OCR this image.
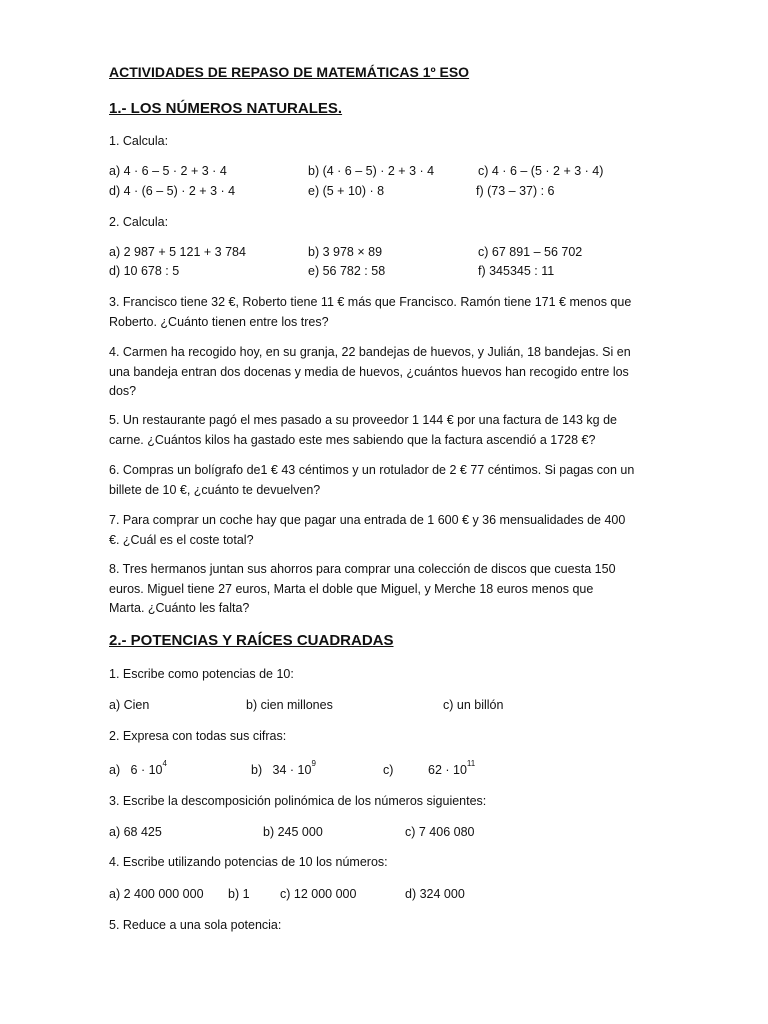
ACTIVIDADES DE REPASO DE MATEMÁTICAS 1º ESO
1.- LOS NÚMEROS NATURALES.
1. Calcula:
a) 4 · 6 – 5 · 2 + 3 · 4	b) (4 · 6 – 5) · 2 + 3 · 4	c) 4 · 6 – (5 · 2 + 3 · 4)
d) 4 · (6 – 5) · 2 + 3 · 4	e) (5 + 10) · 8	f) (73 – 37) : 6
2. Calcula:
a) 2 987 + 5 121 + 3 784	b) 3 978 × 89	c) 67 891 – 56 702
d) 10 678 : 5	e) 56 782 : 58	f) 345345 : 11
3. Francisco tiene 32 €, Roberto tiene 11 € más que Francisco. Ramón tiene 171 € menos que
Roberto. ¿Cuánto tienen entre los tres?
4. Carmen ha recogido hoy, en su granja, 22 bandejas de huevos, y Julián, 18 bandejas. Si en
una bandeja entran dos docenas y media de huevos, ¿cuántos huevos han recogido entre los
dos?
5. Un restaurante pagó el mes pasado a su proveedor 1 144 € por una factura de 143 kg de
carne. ¿Cuántos kilos ha gastado este mes sabiendo que la factura ascendió a 1728 €?
6. Compras un bolígrafo de1 € 43 céntimos y un rotulador de 2 € 77 céntimos. Si pagas con un
billete de 10 €, ¿cuánto te devuelven?
7. Para comprar un coche hay que pagar una entrada de 1 600 € y 36 mensualidades de 400
€. ¿Cuál es el coste total?
8. Tres hermanos juntan sus ahorros para comprar una colección de discos que cuesta 150
euros. Miguel tiene 27 euros, Marta el doble que Miguel, y Merche 18 euros menos que
Marta. ¿Cuánto les falta?
2.- POTENCIAS Y RAÍCES CUADRADAS
1. Escribe como potencias de 10:
a) Cien	b) cien millones	c) un billón
2. Expresa con todas sus cifras:
a) $6 \cdot 10^4$	b) $34 \cdot 10^9$	c)	$62 \cdot 10^{11}$
3. Escribe la descomposición polinómica de los números siguientes:
a) 68 425	b) 245 000	c) 7 406 080
4. Escribe utilizando potencias de 10 los números:
a) 2 400 000 000 b) 1 c) 12 000 000	d) 324 000
5. Reduce a una sola potencia:
